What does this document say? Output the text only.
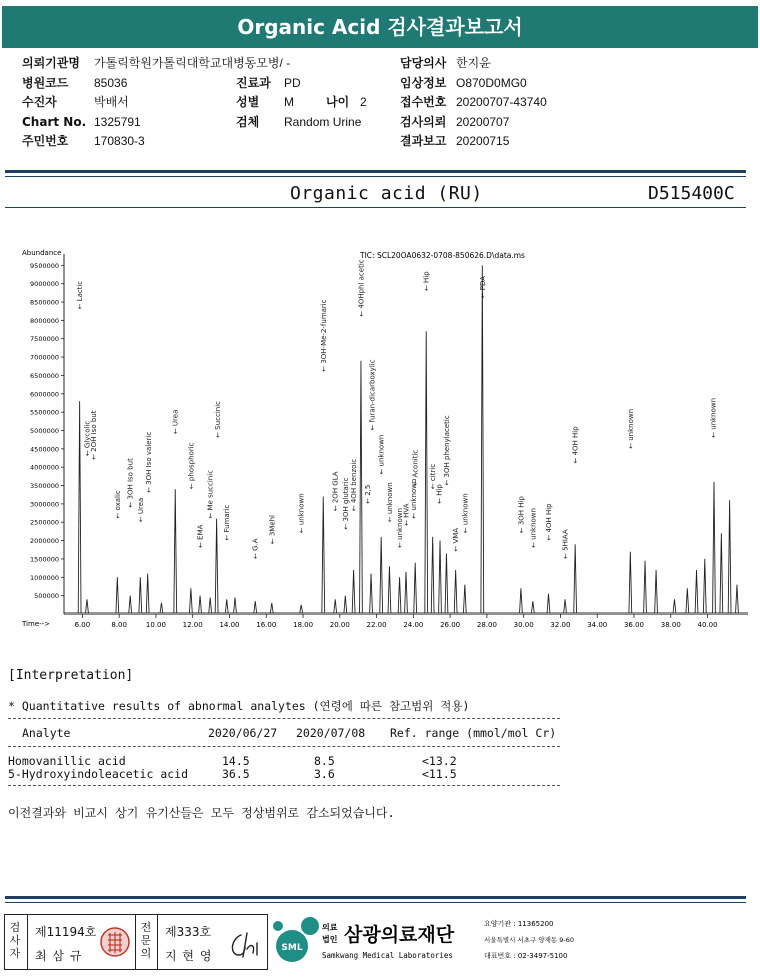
Organic Acid 검사결과보고서
의뢰기관명	가톨릭학원가톨릭대학교대병동모병/ -
병원코드	85036
수진자	박배서
Chart No. 1325791
주민번호	170830-3
진료과	PD
성별	M	나이 2
검체	Random Urine
담당의사 한지윤
임상정보 O870D0MG0
접수번호 20200707-43740
검사의뢰 20200707
결과보고 20200715
Organic acid (RU)	D515400C
Abundance	TIC: SCL20OA0632-0708-850626.D\data.ms
Time-->
500000
1000000
1500000
2000000
2500000
3000000
3500000
4000000
4500000
5000000
5500000
6000000
6500000
7000000
7500000
8000000
8500000
9000000
9500000
6.00	8.00	10.00 12.00 14.00 16.00 18.00 20.00 22.00 24.00 26.00 28.00 30.00 32.00 34.00 36.00 38.00 40.00
← Lactic
← Glycolic
← 2OH Iso but
← oxalic ← 3OH Iso but
← Urea
← 3OH Iso valeric
← Urea
← phosphoric
← EMA
← Me succinic
← Succinic
← Fumaric
← G.A
← 3Mehl	← unknown
← 3OH-Me-2-fumaric
← 2OH GLA ← 3OH glutaric ← 4OH benzoic
← 4OHphl acetic
← 2,5
← furan-dicarboxylic
← unknown
← unknown
← unknown
← HVA ← unknown
← Aconitic
← Hip
← citric
← Hip
← 3OH phenylacetic
← VMA
← unknown
← PDA
← 3OH Hip ← unknown ← 4OH Hip
← 5HIAA
← 4OH Hip	← unknown	← unknown
[Interpretation]
* Quantitative results of abnormal analytes (연령에 따른 참고범위 적용)
Analyte	2020/06/27 2020/07/08 Ref. range (mmol/mol Cr)
Homovanillic acid	14.5	8.5	<13.2
5-Hydroxyindoleacetic acid	36.5	3.6	<11.5
이전결과와 비교시 상기 유기산들은 모두 정상범위로 감소되었습니다.
검
사
자
제11194호
최 삼 규
전
문
의
제333호
지 현 영
SML
의료
법인 삼광의료재단
Samkwang Medical Laboratories
요양기관 : 11365200
서울특별시 서초구 양재동 9-60
대표번호 : 02-3497-5100
